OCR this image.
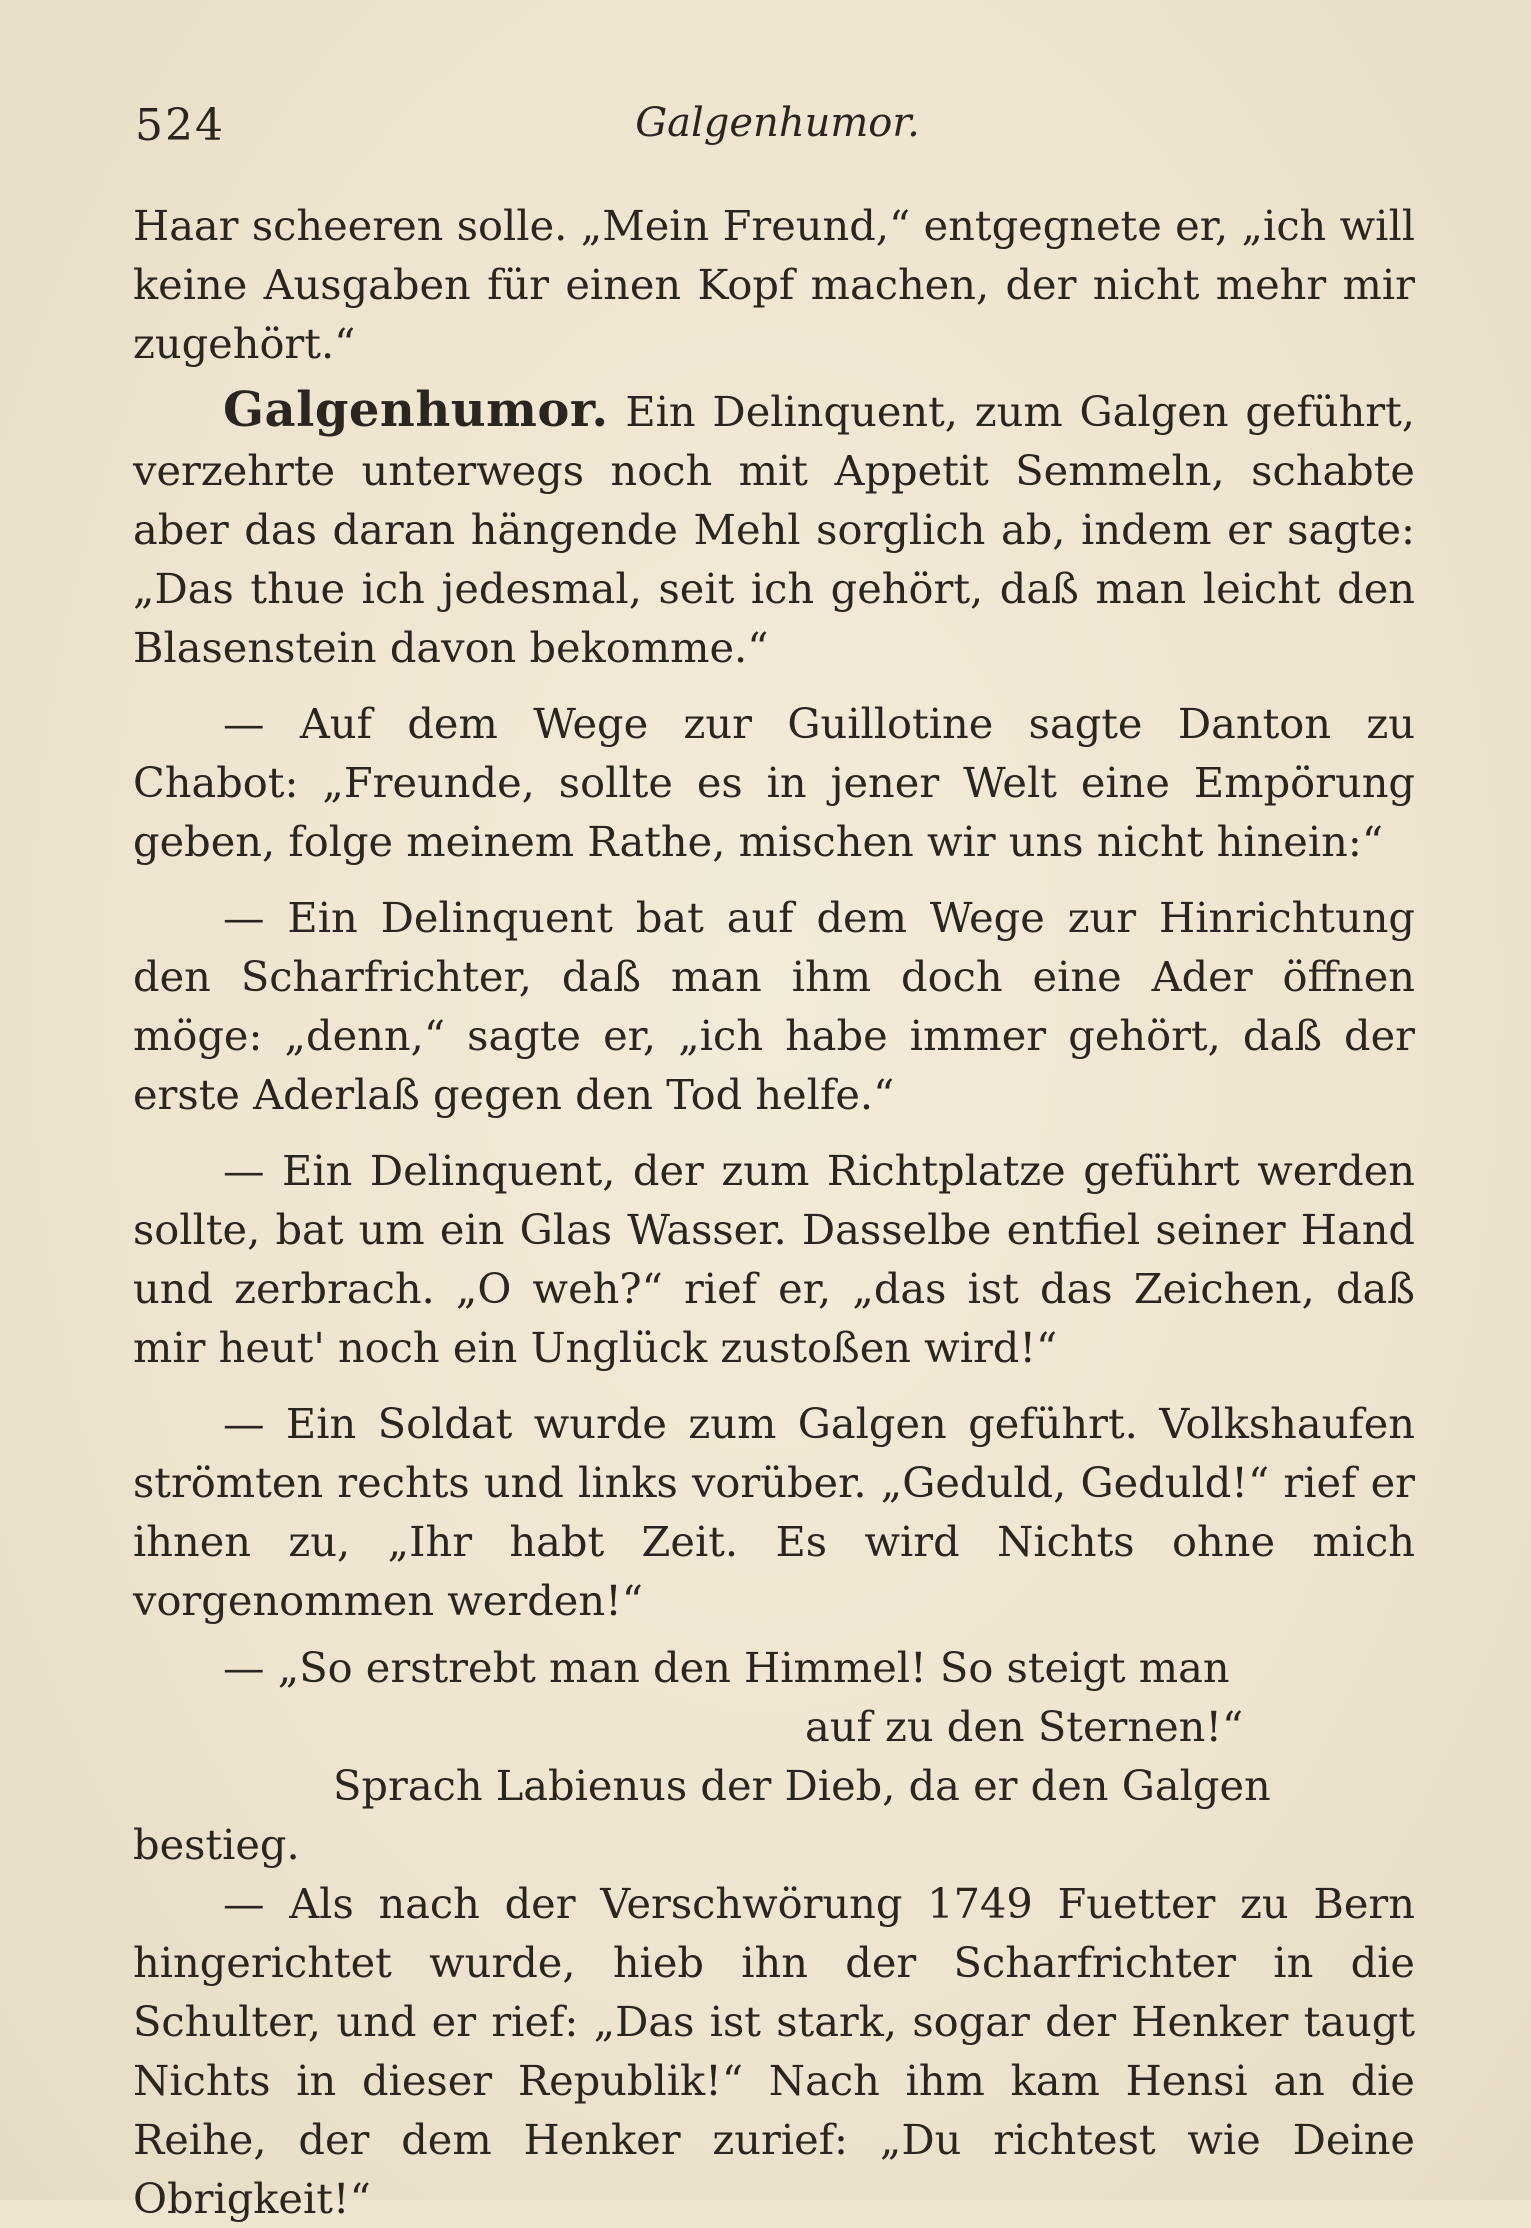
524	Galgenhumor.

Haar scheeren solle. „Mein Freund,“ entgegnete er, „ich will keine Ausgaben für einen Kopf machen, der nicht mehr mir zugehört.“

Galgenhumor. Ein Delinquent, zum Galgen geführt, verzehrte unterwegs noch mit Appetit Semmeln, schabte aber das daran hängende Mehl sorglich ab, indem er sagte: „Das thue ich jedesmal, seit ich gehört, daß man leicht den Blasenstein davon bekomme.“

— Auf dem Wege zur Guillotine sagte Danton zu Chabot: „Freunde, sollte es in jener Welt eine Empörung geben, folge meinem Rathe, mischen wir uns nicht hinein:“

— Ein Delinquent bat auf dem Wege zur Hinrichtung den Scharfrichter, daß man ihm doch eine Ader öffnen möge: „denn,“ sagte er, „ich habe immer gehört, daß der erste Aderlaß gegen den Tod helfe.“

— Ein Delinquent, der zum Richtplatze geführt werden sollte, bat um ein Glas Wasser. Dasselbe entfiel seiner Hand und zerbrach. „O weh?“ rief er, „das ist das Zeichen, daß mir heut' noch ein Unglück zustoßen wird!“

— Ein Soldat wurde zum Galgen geführt. Volkshaufen strömten rechts und links vorüber. „Geduld, Geduld!“ rief er ihnen zu, „Ihr habt Zeit. Es wird Nichts ohne mich vorgenommen werden!“

— „So erstrebt man den Himmel! So steigt man

auf zu den Sternen!“

Sprach Labienus der Dieb, da er den Galgen bestieg.

— Als nach der Verschwörung 1749 Fuetter zu Bern hingerichtet wurde, hieb ihn der Scharfrichter in die Schulter, und er rief: „Das ist stark, sogar der Henker taugt Nichts in dieser Republik!“ Nach ihm kam Hensi an die Reihe, der dem Henker zurief: „Du richtest wie Deine Obrigkeit!“
